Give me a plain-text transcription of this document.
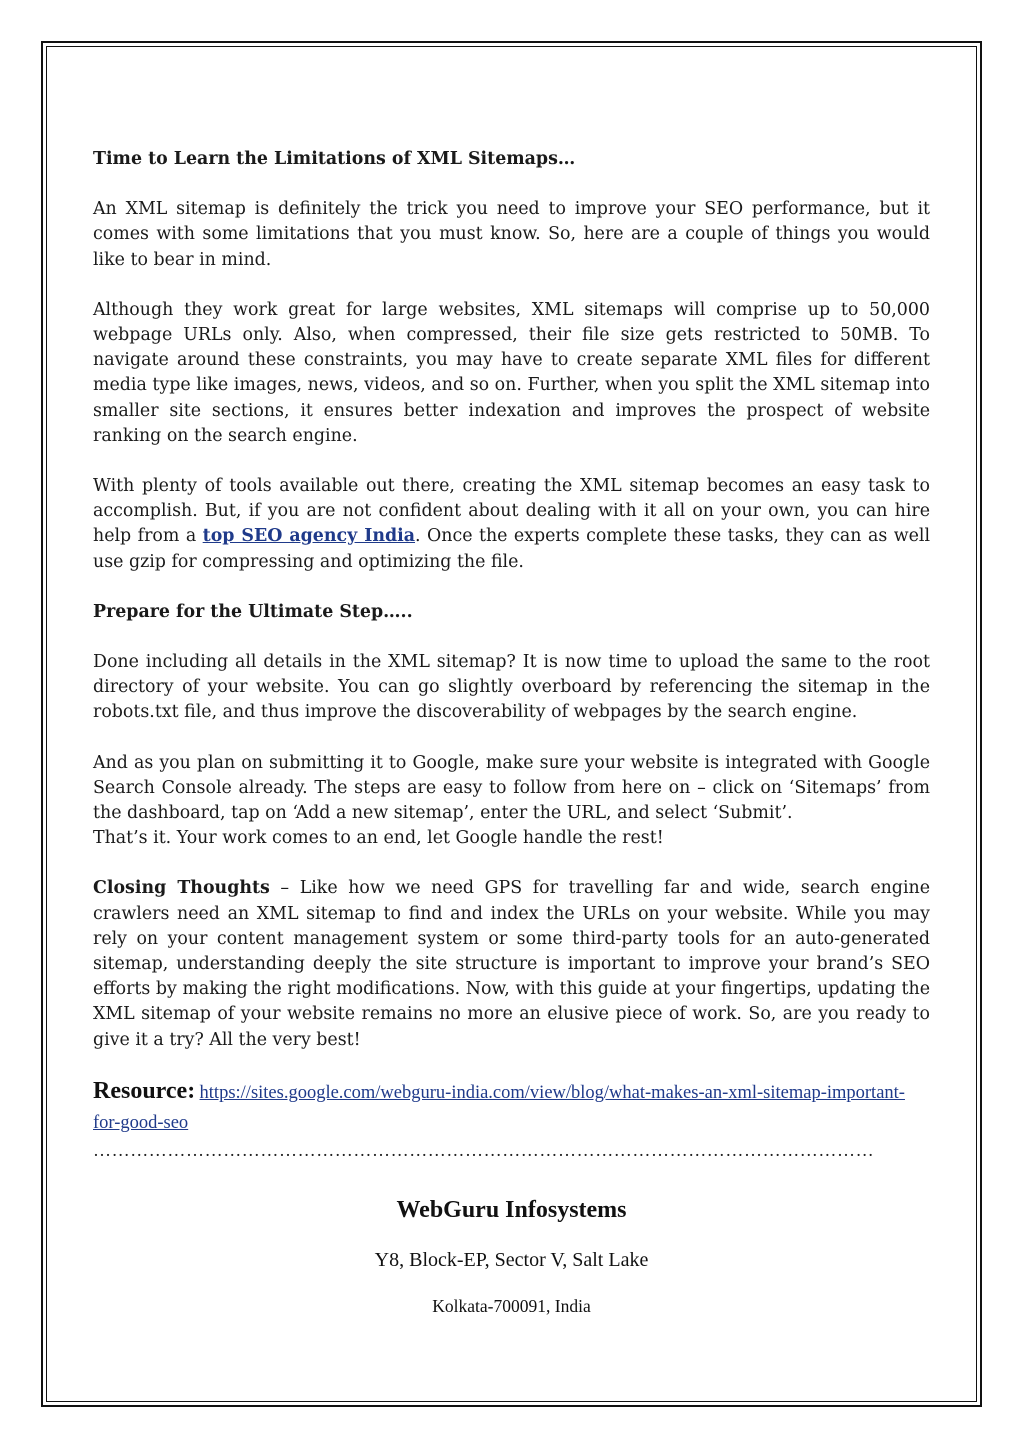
Time to Learn the Limitations of XML Sitemaps…

An XML sitemap is definitely the trick you need to improve your SEO performance, but it comes with some limitations that you must know. So, here are a couple of things you would like to bear in mind.

Although they work great for large websites, XML sitemaps will comprise up to 50,000 webpage URLs only. Also, when compressed, their file size gets restricted to 50MB. To navigate around these constraints, you may have to create separate XML files for different media type like images, news, videos, and so on. Further, when you split the XML sitemap into smaller site sections, it ensures better indexation and improves the prospect of website ranking on the search engine.

With plenty of tools available out there, creating the XML sitemap becomes an easy task to accomplish. But, if you are not confident about dealing with it all on your own, you can hire help from a top SEO agency India. Once the experts complete these tasks, they can as well use gzip for compressing and optimizing the file.

Prepare for the Ultimate Step…..

Done including all details in the XML sitemap? It is now time to upload the same to the root directory of your website. You can go slightly overboard by referencing the sitemap in the robots.txt file, and thus improve the discoverability of webpages by the search engine.

And as you plan on submitting it to Google, make sure your website is integrated with Google Search Console already. The steps are easy to follow from here on – click on ‘Sitemaps’ from the dashboard, tap on ‘Add a new sitemap’, enter the URL, and select ‘Submit’.

That’s it. Your work comes to an end, let Google handle the rest!

Closing Thoughts – Like how we need GPS for travelling far and wide, search engine crawlers need an XML sitemap to find and index the URLs on your website. While you may rely on your content management system or some third-party tools for an auto-generated sitemap, understanding deeply the site structure is important to improve your brand’s SEO efforts by making the right modifications. Now, with this guide at your fingertips, updating the XML sitemap of your website remains no more an elusive piece of work. So, are you ready to give it a try? All the very best!

Resource: https://sites.google.com/webguru-india.com/view/blog/what-makes-an-xml-sitemap-important-for-good-seo
………………………………………………………………………………………………………………
WebGuru Infosystems
Y8, Block-EP, Sector V, Salt Lake
Kolkata-700091, India
